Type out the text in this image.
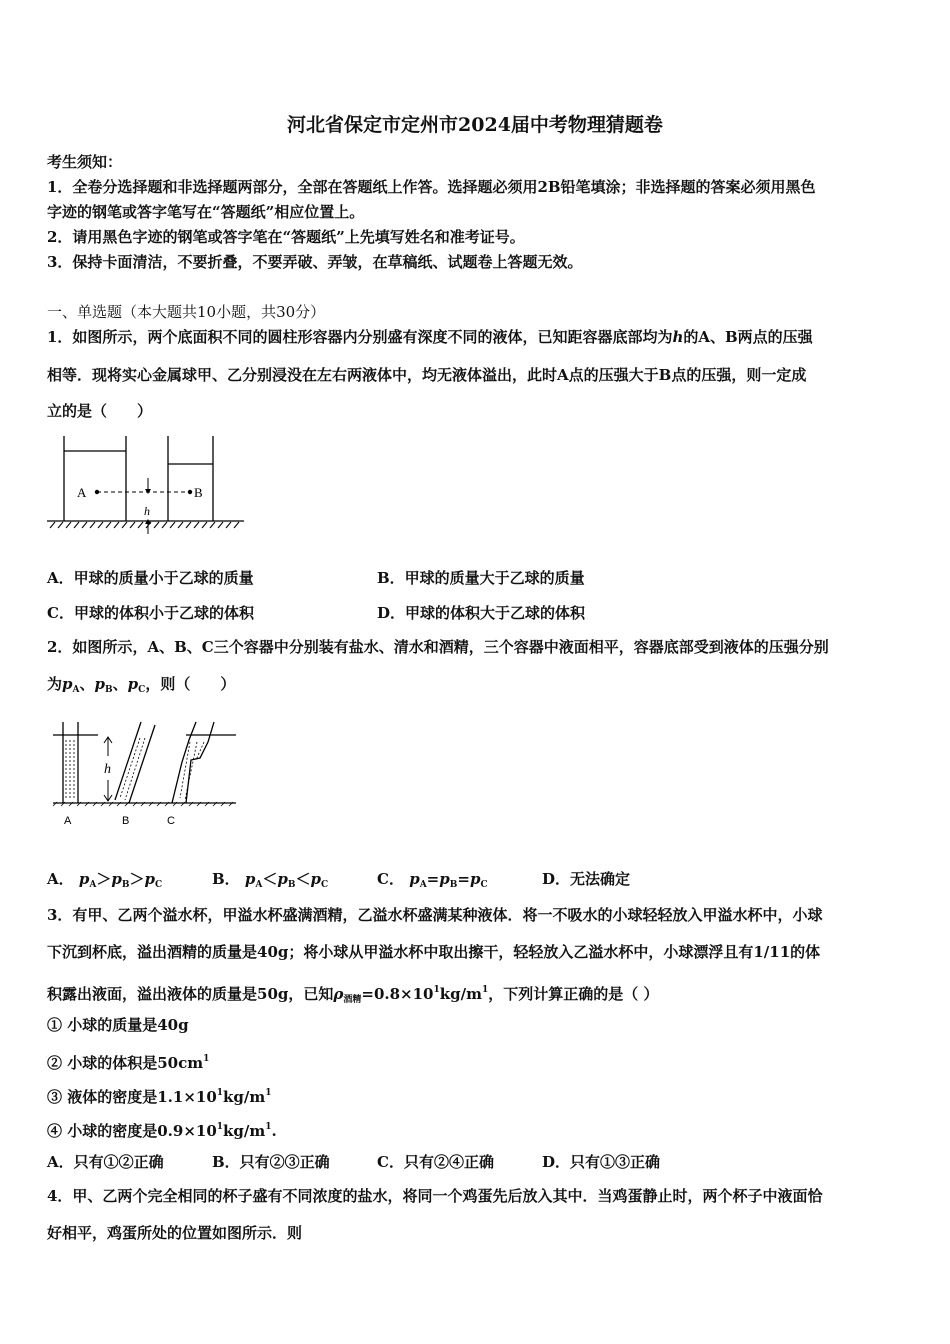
河北省保定市定州市2024届中考物理猜题卷
考生须知：
1．全卷分选择题和非选择题两部分，全部在答题纸上作答。选择题必须用2B铅笔填涂；非选择题的答案必须用黑色
字迹的钢笔或答字笔写在“答题纸”相应位置上。
2．请用黑色字迹的钢笔或答字笔在“答题纸”上先填写姓名和准考证号。
3．保持卡面清洁，不要折叠，不要弄破、弄皱，在草稿纸、试题卷上答题无效。
一、单选题（本大题共10小题，共30分）
1．如图所示，两个底面积不同的圆柱形容器内分别盛有深度不同的液体，已知距容器底部均为h的A、B两点的压强
相等．现将实心金属球甲、乙分别浸没在左右两液体中，均无液体溢出，此时A点的压强大于B点的压强，则一定成
立的是（　　）
A	B
h
A．甲球的质量小于乙球的质量	B．甲球的质量大于乙球的质量
C．甲球的体积小于乙球的体积	D．甲球的体积大于乙球的体积
2．如图所示，A、B、C三个容器中分别装有盐水、清水和酒精，三个容器中液面相平，容器底部受到液体的压强分别
为$p_A$、$p_B$、$p_C$，则（　　）
h
A	B	C
A． $p_A>p_B>p_C$	B． $p_A<p_B<p_C$	C． $p_A=p_B=p_C$	D．无法确定
3．有甲、乙两个溢水杯，甲溢水杯盛满酒精，乙溢水杯盛满某种液体．将一不吸水的小球轻轻放入甲溢水杯中，小球
下沉到杯底，溢出酒精的质量是40g；将小球从甲溢水杯中取出擦干，轻轻放入乙溢水杯中，小球漂浮且有1/11的体
积露出液面，溢出液体的质量是50g，已知$\rho_{酒精}=0.8\times 10^1kg/m^1$，下列计算正确的是（ ）
① 小球的质量是40g
② 小球的体积是$50cm^1$
③ 液体的密度是$1.1\times 10^1kg/m^1$
④ 小球的密度是$0.9\times 10^1kg/m^1$.
A．只有①②正确	B．只有②③正确	C．只有②④正确	D．只有①③正确
4．甲、乙两个完全相同的杯子盛有不同浓度的盐水，将同一个鸡蛋先后放入其中．当鸡蛋静止时，两个杯子中液面恰
好相平，鸡蛋所处的位置如图所示．则
